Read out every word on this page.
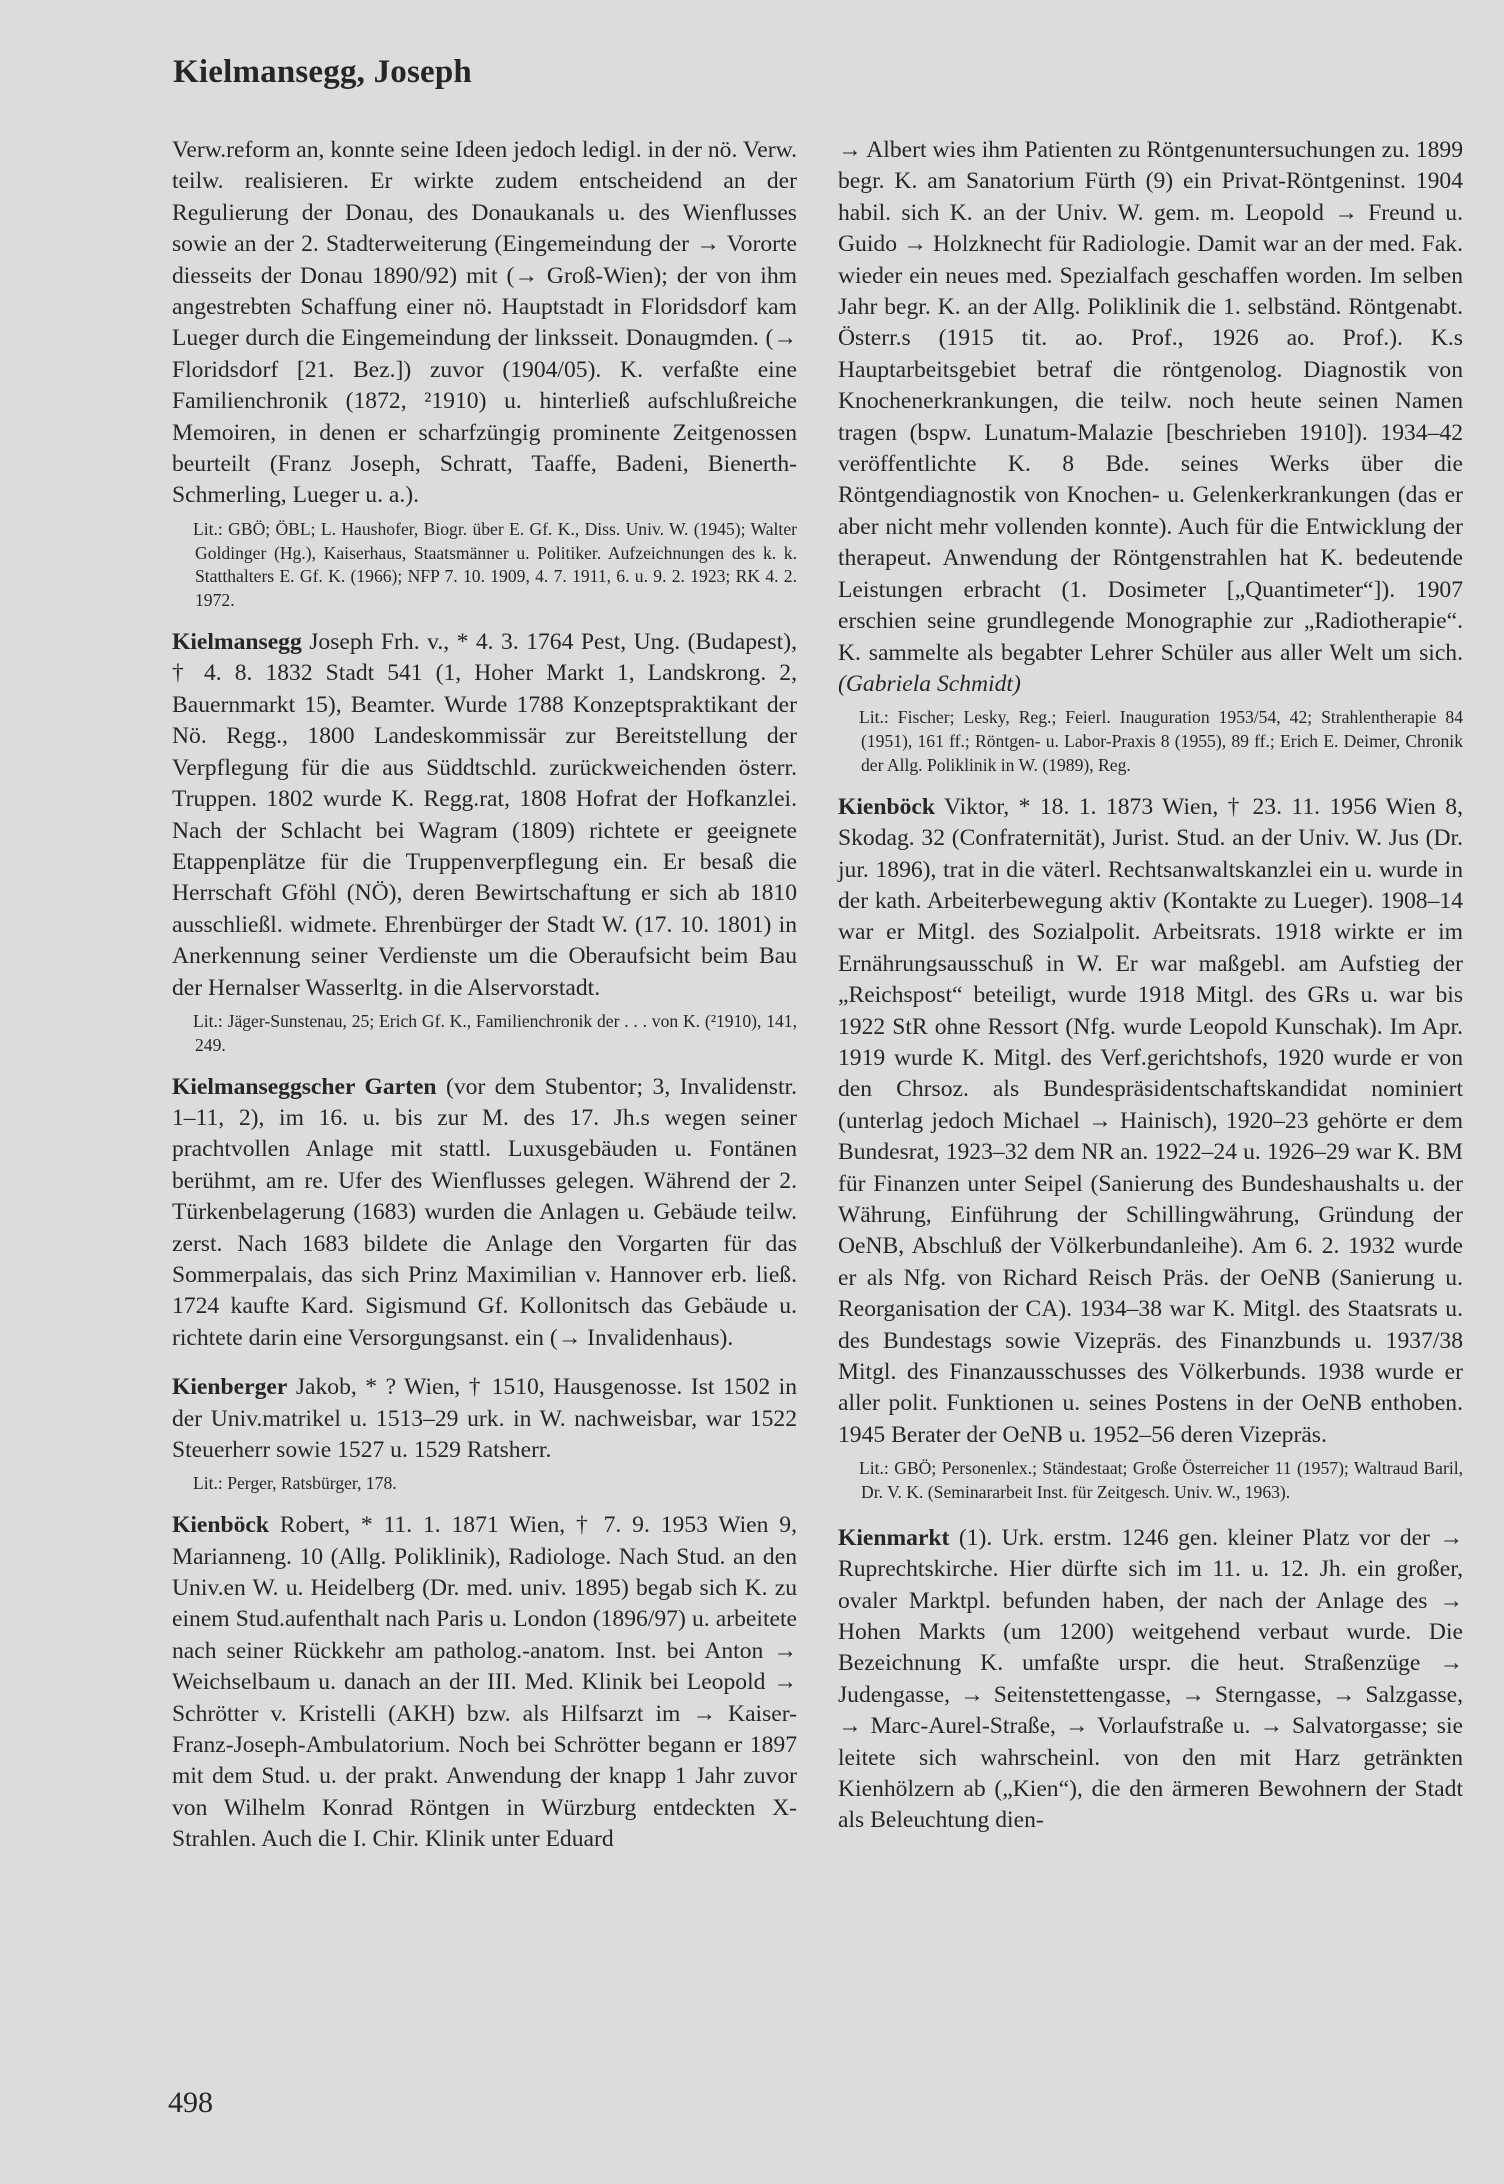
Kielmansegg, Joseph

Verw.reform an, konnte seine Ideen jedoch ledigl. in der nö. Verw. teilw. realisieren. Er wirkte zudem entscheidend an der Regulierung der Donau, des Donaukanals u. des Wienflusses sowie an der 2. Stadterweiterung (Eingemeindung der → Vororte diesseits der Donau 1890/92) mit (→ Groß-Wien); der von ihm angestrebten Schaffung einer nö. Hauptstadt in Floridsdorf kam Lueger durch die Eingemeindung der linksseit. Donaugmden. (→ Floridsdorf [21. Bez.]) zuvor (1904/05). K. verfaßte eine Familienchronik (1872, ²1910) u. hinterließ aufschlußreiche Memoiren, in denen er scharfzüngig prominente Zeitgenossen beurteilt (Franz Joseph, Schratt, Taaffe, Badeni, Bienerth-Schmerling, Lueger u. a.).

Lit.: GBÖ; ÖBL; L. Haushofer, Biogr. über E. Gf. K., Diss. Univ. W. (1945); Walter Goldinger (Hg.), Kaiserhaus, Staatsmänner u. Politiker. Aufzeichnungen des k. k. Statthalters E. Gf. K. (1966); NFP 7. 10. 1909, 4. 7. 1911, 6. u. 9. 2. 1923; RK 4. 2. 1972.

Kielmansegg Joseph Frh. v., * 4. 3. 1764 Pest, Ung. (Budapest), † 4. 8. 1832 Stadt 541 (1, Hoher Markt 1, Landskrong. 2, Bauernmarkt 15), Beamter. Wurde 1788 Konzeptspraktikant der Nö. Regg., 1800 Landeskommissär zur Bereitstellung der Verpflegung für die aus Süddtschld. zurückweichenden österr. Truppen. 1802 wurde K. Regg.rat, 1808 Hofrat der Hofkanzlei. Nach der Schlacht bei Wagram (1809) richtete er geeignete Etappenplätze für die Truppenverpflegung ein. Er besaß die Herrschaft Gföhl (NÖ), deren Bewirtschaftung er sich ab 1810 ausschließl. widmete. Ehrenbürger der Stadt W. (17. 10. 1801) in Anerkennung seiner Verdienste um die Oberaufsicht beim Bau der Hernalser Wasserltg. in die Alservorstadt.

Lit.: Jäger-Sunstenau, 25; Erich Gf. K., Familienchronik der . . . von K. (²1910), 141, 249.

Kielmanseggscher Garten (vor dem Stubentor; 3, Invalidenstr. 1–11, 2), im 16. u. bis zur M. des 17. Jh.s wegen seiner prachtvollen Anlage mit stattl. Luxusgebäuden u. Fontänen berühmt, am re. Ufer des Wienflusses gelegen. Während der 2. Türkenbelagerung (1683) wurden die Anlagen u. Gebäude teilw. zerst. Nach 1683 bildete die Anlage den Vorgarten für das Sommerpalais, das sich Prinz Maximilian v. Hannover erb. ließ. 1724 kaufte Kard. Sigismund Gf. Kollonitsch das Gebäude u. richtete darin eine Versorgungsanst. ein (→ Invalidenhaus).

Kienberger Jakob, * ? Wien, † 1510, Hausgenosse. Ist 1502 in der Univ.matrikel u. 1513–29 urk. in W. nachweisbar, war 1522 Steuerherr sowie 1527 u. 1529 Ratsherr.

Lit.: Perger, Ratsbürger, 178.

Kienböck Robert, * 11. 1. 1871 Wien, † 7. 9. 1953 Wien 9, Marianneng. 10 (Allg. Poliklinik), Radiologe. Nach Stud. an den Univ.en W. u. Heidelberg (Dr. med. univ. 1895) begab sich K. zu einem Stud.aufenthalt nach Paris u. London (1896/97) u. arbeitete nach seiner Rückkehr am patholog.-anatom. Inst. bei Anton → Weichselbaum u. danach an der III. Med. Klinik bei Leopold → Schrötter v. Kristelli (AKH) bzw. als Hilfsarzt im → Kaiser-Franz-Joseph-Ambulatorium. Noch bei Schrötter begann er 1897 mit dem Stud. u. der prakt. Anwendung der knapp 1 Jahr zuvor von Wilhelm Konrad Röntgen in Würzburg entdeckten X-Strahlen. Auch die I. Chir. Klinik unter Eduard

→ Albert wies ihm Patienten zu Röntgenuntersuchungen zu. 1899 begr. K. am Sanatorium Fürth (9) ein Privat-Röntgeninst. 1904 habil. sich K. an der Univ. W. gem. m. Leopold → Freund u. Guido → Holzknecht für Radiologie. Damit war an der med. Fak. wieder ein neues med. Spezialfach geschaffen worden. Im selben Jahr begr. K. an der Allg. Poliklinik die 1. selbständ. Röntgenabt. Österr.s (1915 tit. ao. Prof., 1926 ao. Prof.). K.s Hauptarbeitsgebiet betraf die röntgenolog. Diagnostik von Knochenerkrankungen, die teilw. noch heute seinen Namen tragen (bspw. Lunatum-Malazie [beschrieben 1910]). 1934–42 veröffentlichte K. 8 Bde. seines Werks über die Röntgendiagnostik von Knochen- u. Gelenkerkrankungen (das er aber nicht mehr vollenden konnte). Auch für die Entwicklung der therapeut. Anwendung der Röntgenstrahlen hat K. bedeutende Leistungen erbracht (1. Dosimeter [„Quantimeter“]). 1907 erschien seine grundlegende Monographie zur „Radiotherapie“. K. sammelte als begabter Lehrer Schüler aus aller Welt um sich. (Gabriela Schmidt)

Lit.: Fischer; Lesky, Reg.; Feierl. Inauguration 1953/54, 42; Strahlentherapie 84 (1951), 161 ff.; Röntgen- u. Labor-Praxis 8 (1955), 89 ff.; Erich E. Deimer, Chronik der Allg. Poliklinik in W. (1989), Reg.

Kienböck Viktor, * 18. 1. 1873 Wien, † 23. 11. 1956 Wien 8, Skodag. 32 (Confraternität), Jurist. Stud. an der Univ. W. Jus (Dr. jur. 1896), trat in die väterl. Rechtsanwaltskanzlei ein u. wurde in der kath. Arbeiterbewegung aktiv (Kontakte zu Lueger). 1908–14 war er Mitgl. des Sozialpolit. Arbeitsrats. 1918 wirkte er im Ernährungsausschuß in W. Er war maßgebl. am Aufstieg der „Reichspost“ beteiligt, wurde 1918 Mitgl. des GRs u. war bis 1922 StR ohne Ressort (Nfg. wurde Leopold Kunschak). Im Apr. 1919 wurde K. Mitgl. des Verf.gerichtshofs, 1920 wurde er von den Chrsoz. als Bundespräsidentschaftskandidat nominiert (unterlag jedoch Michael → Hainisch), 1920–23 gehörte er dem Bundesrat, 1923–32 dem NR an. 1922–24 u. 1926–29 war K. BM für Finanzen unter Seipel (Sanierung des Bundeshaushalts u. der Währung, Einführung der Schillingwährung, Gründung der OeNB, Abschluß der Völkerbundanleihe). Am 6. 2. 1932 wurde er als Nfg. von Richard Reisch Präs. der OeNB (Sanierung u. Reorganisation der CA). 1934–38 war K. Mitgl. des Staatsrats u. des Bundestags sowie Vizepräs. des Finanzbunds u. 1937/38 Mitgl. des Finanzausschusses des Völkerbunds. 1938 wurde er aller polit. Funktionen u. seines Postens in der OeNB enthoben. 1945 Berater der OeNB u. 1952–56 deren Vizepräs.

Lit.: GBÖ; Personenlex.; Ständestaat; Große Österreicher 11 (1957); Waltraud Baril, Dr. V. K. (Seminararbeit Inst. für Zeitgesch. Univ. W., 1963).

Kienmarkt (1). Urk. erstm. 1246 gen. kleiner Platz vor der → Ruprechtskirche. Hier dürfte sich im 11. u. 12. Jh. ein großer, ovaler Marktpl. befunden haben, der nach der Anlage des → Hohen Markts (um 1200) weitgehend verbaut wurde. Die Bezeichnung K. umfaßte urspr. die heut. Straßenzüge → Judengasse, → Seitenstettengasse, → Sterngasse, → Salzgasse, → Marc-Aurel-Straße, → Vorlaufstraße u. → Salvatorgasse; sie leitete sich wahrscheinl. von den mit Harz getränkten Kienhölzern ab („Kien“), die den ärmeren Bewohnern der Stadt als Beleuchtung dien-

498
